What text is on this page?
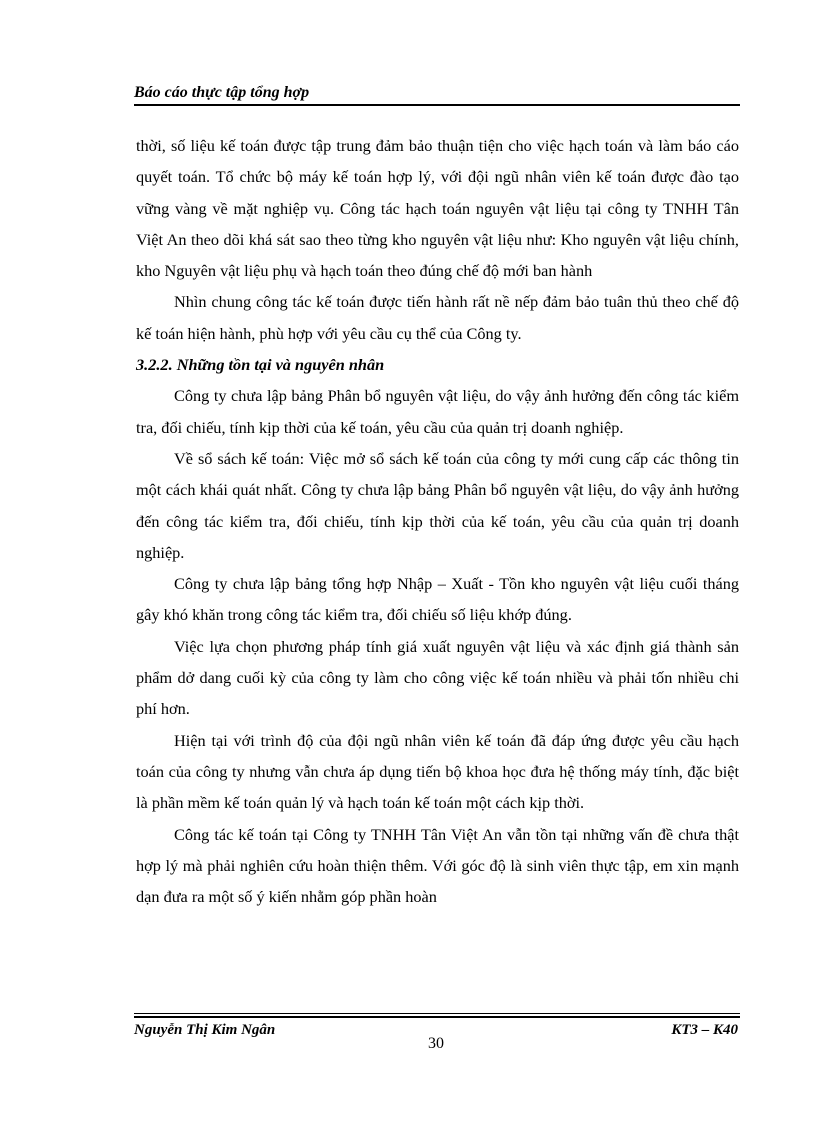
Báo cáo thực tập tổng hợp

thời, số liệu kế toán được tập trung đảm bảo thuận tiện cho việc hạch toán và làm báo cáo quyết toán. Tổ chức bộ máy kế toán hợp lý, với đội ngũ nhân viên kế toán được đào tạo vững vàng về mặt nghiệp vụ. Công tác hạch toán nguyên vật liệu tại công ty TNHH Tân Việt An theo dõi khá sát sao theo từng kho nguyên vật liệu như: Kho nguyên vật liệu chính, kho Nguyên vật liệu phụ và hạch toán theo đúng chế độ mới ban hành

Nhìn chung công tác kế toán được tiến hành rất nề nếp đảm bảo tuân thủ theo chế độ kế toán hiện hành, phù hợp với yêu cầu cụ thể của Công ty.

3.2.2. Những tồn tại và nguyên nhân

Công ty chưa lập bảng Phân bổ nguyên vật liệu, do vậy ảnh hưởng đến công tác kiểm tra, đối chiếu, tính kịp thời của kế toán, yêu cầu của quản trị doanh nghiệp.

Về sổ sách kế toán: Việc mở sổ sách kế toán của công ty mới cung cấp các thông tin một cách khái quát nhất. Công ty chưa lập bảng Phân bổ nguyên vật liệu, do vậy ảnh hưởng đến công tác kiểm tra, đối chiếu, tính kịp thời của kế toán, yêu cầu của quản trị doanh nghiệp.

Công ty chưa lập bảng tổng hợp Nhập – Xuất - Tồn kho nguyên vật liệu cuối tháng gây khó khăn trong công tác kiểm tra, đối chiếu số liệu khớp đúng.

Việc lựa chọn phương pháp tính giá xuất nguyên vật liệu và xác định giá thành sản phẩm dở dang cuối kỳ của công ty làm cho công việc kế toán nhiều và phải tốn nhiều chi phí hơn.

Hiện tại với trình độ của đội ngũ nhân viên kế toán đã đáp ứng được yêu cầu hạch toán của công ty nhưng vẫn chưa áp dụng tiến bộ khoa học đưa hệ thống máy tính, đặc biệt là phần mềm kế toán quản lý và hạch toán kế toán một cách kịp thời.

Công tác kế toán tại Công ty TNHH Tân Việt An vẫn tồn tại những vấn đề chưa thật hợp lý mà phải nghiên cứu hoàn thiện thêm. Với góc độ là sinh viên thực tập, em xin mạnh dạn đưa ra một số ý kiến nhằm góp phần hoàn

Nguyễn Thị Kim Ngân	KT3 – K40
30
